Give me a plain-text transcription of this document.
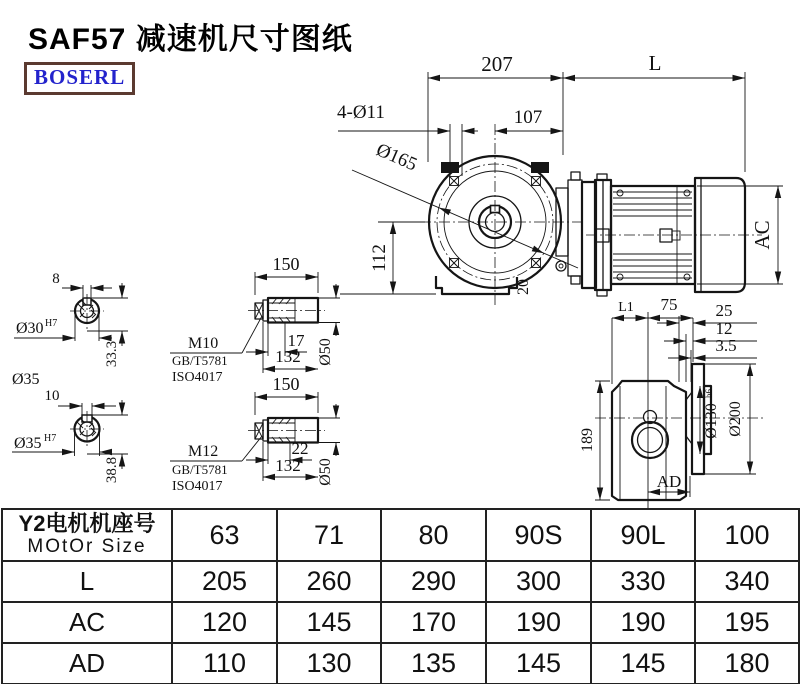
SAF57 减速机尺寸图纸
BOSERL
207	L
4-Ø11	107
Ø165
112
20
AC
8
Ø30 H7
33.3
Ø35
10
Ø35 H7
38.8
150
17
132 Ø50
M10
GB/T5781
ISO4017	150
22
132 Ø50
M12
GB/T5781
ISO4017
L1 75 25
12
3.5
189
Ø130
h6
Ø200
AD
Y2电机机座号
MOtOr Size	63	71	80	90S	90L	100
L	205	260	290	300	330	340
AC	120	145	170	190	190	195
AD	110	130	135	145	145	180
